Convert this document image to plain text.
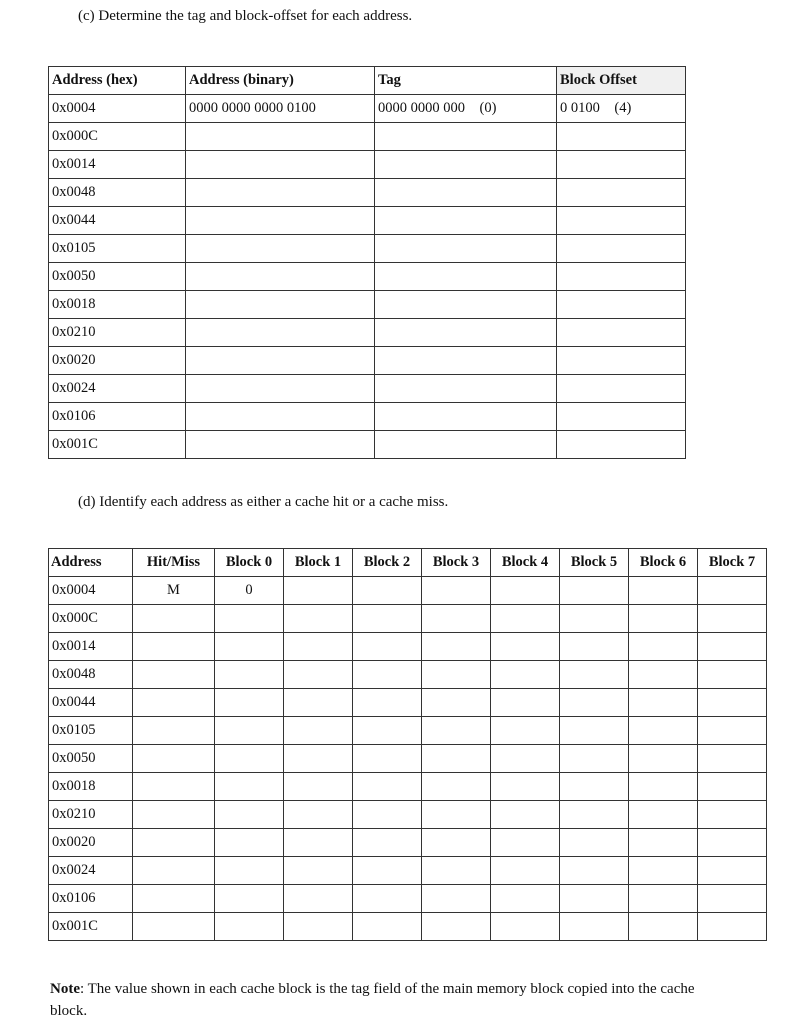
(c) Determine the tag and block-offset for each address.
Address (hex)	Address (binary)	Tag	Block Offset
0x0004	0000 0000 0000 0100	0000 0000 000    (0)	0 0100    (4)
0x000C			
0x0014			
0x0048			
0x0044			
0x0105			
0x0050			
0x0018			
0x0210			
0x0020			
0x0024			
0x0106			
0x001C			
(d) Identify each address as either a cache hit or a cache miss.
Address	Hit/Miss	Block 0	Block 1	Block 2	Block 3	Block 4	Block 5	Block 6	Block 7
0x0004	M	0							
0x000C									
0x0014									
0x0048									
0x0044									
0x0105									
0x0050									
0x0018									
0x0210									
0x0020									
0x0024									
0x0106									
0x001C									
Note: The value shown in each cache block is the tag field of the main memory block copied into the cache block.
